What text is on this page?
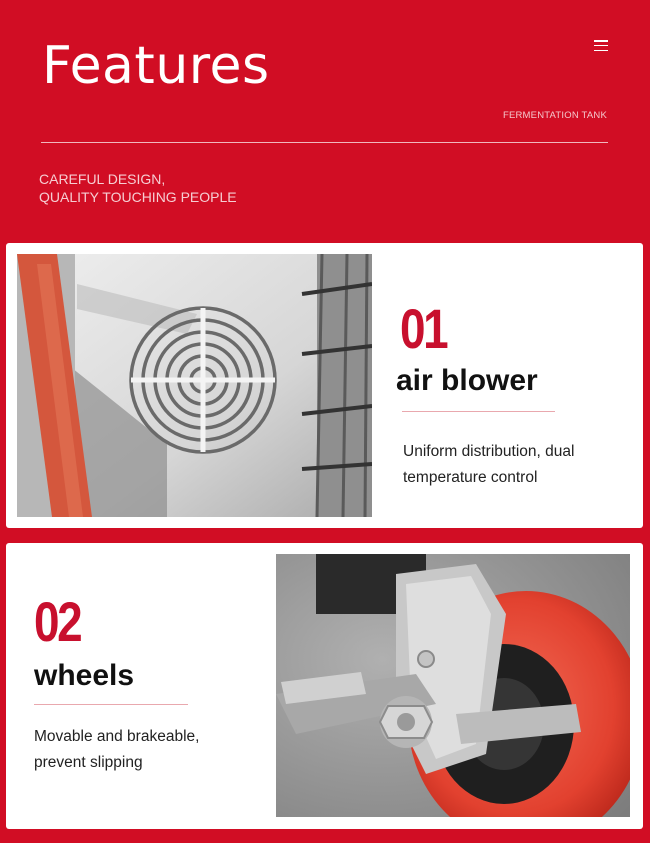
Features
FERMENTATION TANK
CAREFUL DESIGN,
QUALITY TOUCHING PEOPLE
01
air blower
Uniform distribution, dual
temperature control
02
wheels
Movable and brakeable,
prevent slipping
